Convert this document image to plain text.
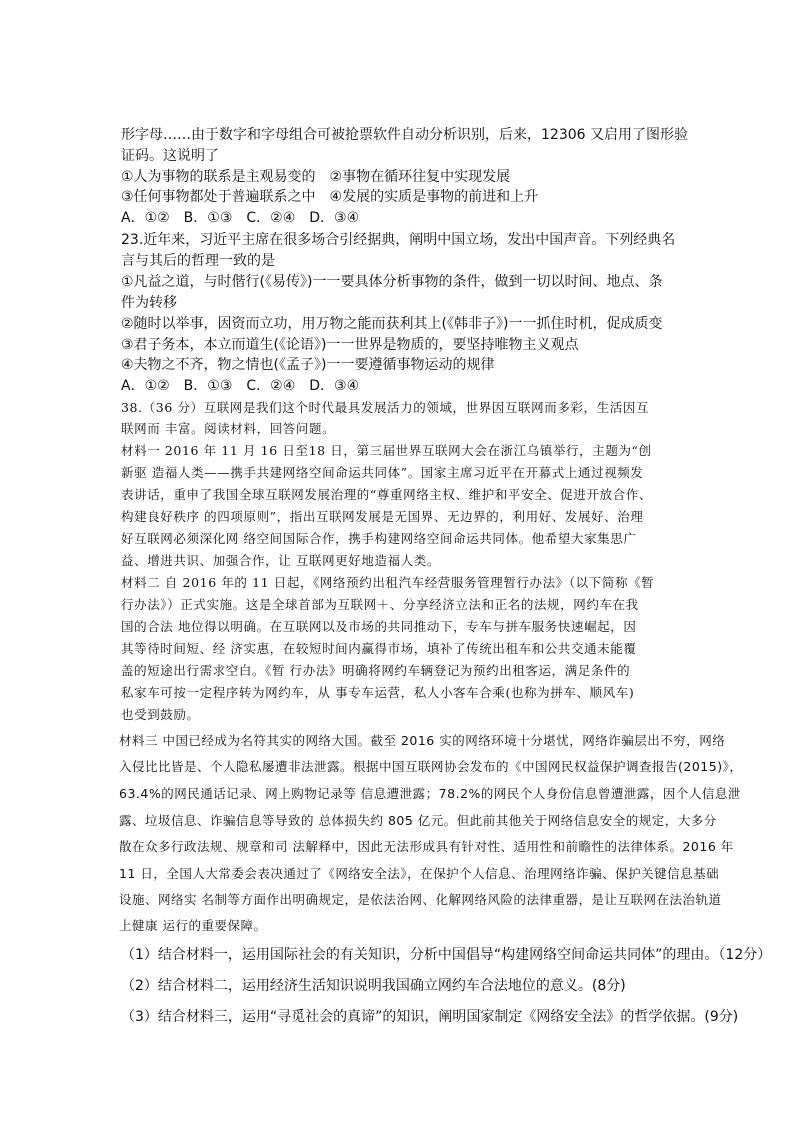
形字母……由于数字和字母组合可被抢票软件自动分析识别，后来，12306 又启用了图形验
证码。这说明了
①人为事物的联系是主观易变的　②事物在循环往复中实现发展
③任何事物都处于普遍联系之中　④发展的实质是事物的前进和上升
A．①②　B．①③　C．②④　D．③④
23.近年来，习近平主席在很多场合引经据典，阐明中国立场，发出中国声音。下列经典名
言与其后的哲理一致的是
①凡益之道，与时偕行(《易传》)一一要具体分析事物的条件，做到一切以时间、地点、条
件为转移
②随时以举事，因资而立功，用万物之能而获利其上(《韩非子》)一一抓住时机，促成质变
③君子务本，本立而道生(《论语》)一一世界是物质的，要坚持唯物主义观点
④夫物之不齐，物之情也(《孟子》)一一要遵循事物运动的规律
A．①②　B．①③　C．②④　D．③④
38.（36 分）互联网是我们这个时代最具发展活力的领域，世界因互联网而多彩，生活因互
联网而 丰富。阅读材料，回答问题。
材料一 2016 年 11 月 16 日至18 日，第三届世界互联网大会在浙江乌镇举行，主题为“创
新驱 造福人类——携手共建网络空间命运共同体”。国家主席习近平在开幕式上通过视频发
表讲话，重申了我国全球互联网发展治理的“尊重网络主权、维护和平安全、促进开放合作、
构建良好秩序 的四项原则”，指出互联网发展是无国界、无边界的，利用好、发展好、治理
好互联网必须深化网 络空间国际合作，携手构建网络空间命运共同体。他希望大家集思广
益、增进共识、加强合作，让 互联网更好地造福人类。
材料二 自 2016 年的 11 日起，《网络预约出租汽车经营服务管理暂行办法》（以下简称《暂
行办法》）正式实施。这是全球首部为互联网＋、分享经济立法和正名的法规，网约车在我
国的合法 地位得以明确。在互联网以及市场的共同推动下，专车与拼车服务快速崛起，因
其等待时间短、经 济实惠，在较短时间内赢得市场，填补了传统出租车和公共交通未能覆
盖的短途出行需求空白。《暂 行办法》明确将网约车辆登记为预约出租客运，满足条件的
私家车可按一定程序转为网约车，从 事专车运营，私人小客车合乘(也称为拼车、顺风车)
也受到鼓励。
材料三 中国已经成为名符其实的网络大国。截至 2016 实的网络环境十分堪忧，网络诈骗层出不穷，网络
入侵比比皆是、个人隐私屡遭非法泄露。根据中国互联网协会发布的《中国网民权益保护调查报告(2015)》，
63.4%的网民通话记录、网上购物记录等 信息遭泄露；78.2%的网民个人身份信息曾遭泄露，因个人信息泄
露、垃圾信息、诈骗信息等导致的 总体损失约 805 亿元。但此前其他关于网络信息安全的规定，大多分
散在众多行政法规、规章和司 法解释中，因此无法形成具有针对性、适用性和前瞻性的法律体系。2016 年
11 日，全国人大常委会表决通过了《网络安全法》，在保护个人信息、治理网络诈骗、保护关键信息基础
设施、网络实 名制等方面作出明确规定，是依法治网、化解网络风险的法律重器，是让互联网在法治轨道
上健康 运行的重要保障。
（1）结合材料一，运用国际社会的有关知识，分析中国倡导“构建网络空间命运共同体”的理由。（12分）
（2）结合材料二，运用经济生活知识说明我国确立网约车合法地位的意义。(8分)
（3）结合材料三，运用“寻觅社会的真谛”的知识，阐明国家制定《网络安全法》的哲学依据。(9分)
